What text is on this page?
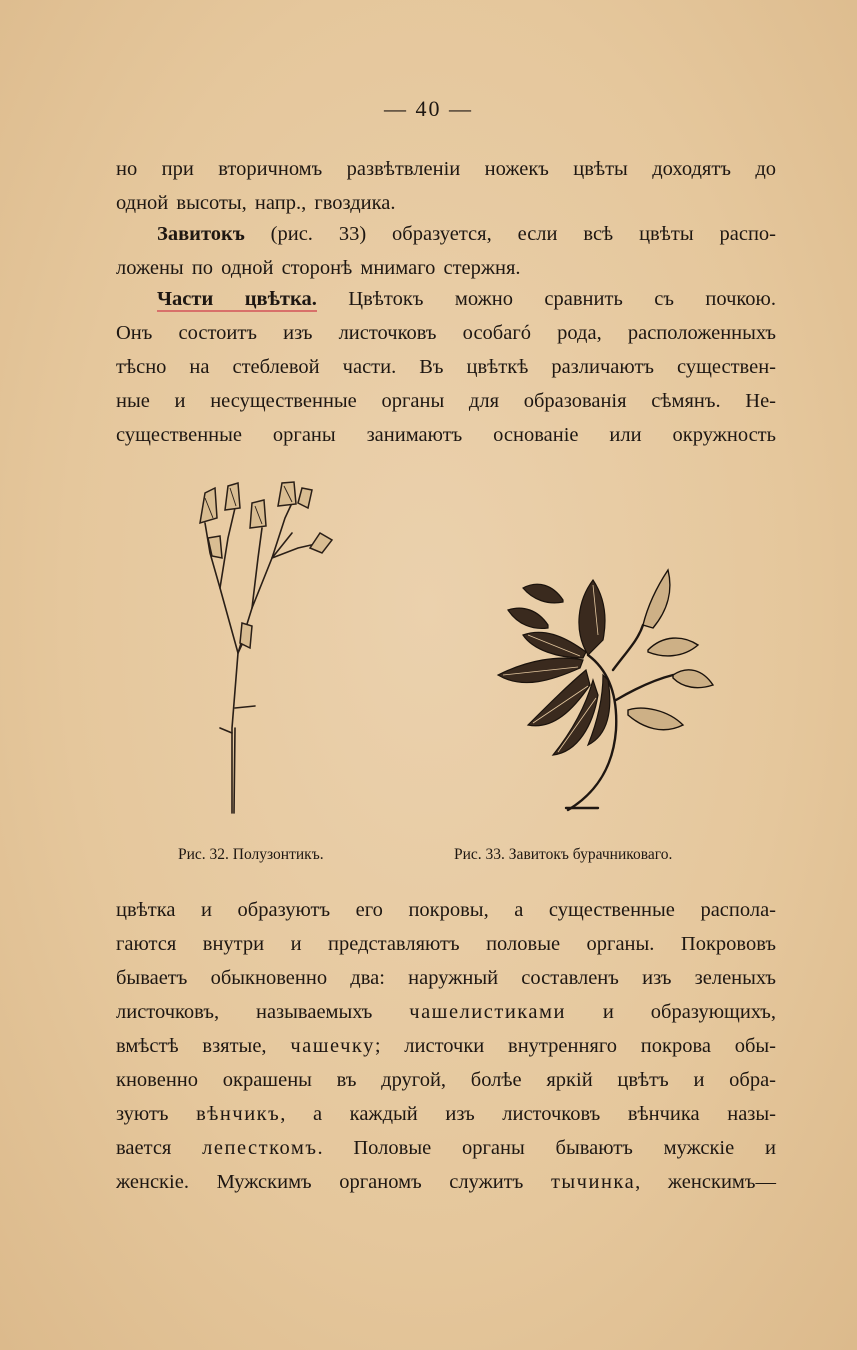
— 40 —
но при вторичномъ развѣтвленіи ножекъ цвѣты доходятъ до
одной высоты, напр., гвоздика.
Завитокъ (рис. 33) образуется, если всѣ цвѣты распо-
ложены по одной сторонѣ мнимаго стержня.
Части цвѣтка. Цвѣтокъ можно сравнить съ почкою.
Онъ состоитъ изъ листочковъ особагó рода, расположенныхъ
тѣсно на стеблевой части. Въ цвѣткѣ различаютъ существен-
ные и несущественные органы для образованія сѣмянъ. Не-
существенные органы занимаютъ основаніе или окружность
Рис. 32. Полузонтикъ.	Рис. 33. Завитокъ бурачниковаго.
цвѣтка и образуютъ его покровы, а существенные распола-
гаются внутри и представляютъ половые органы. Покрововъ
бываетъ обыкновенно два: наружный составленъ изъ зеленыхъ
листочковъ, называемыхъ чашелистиками и образующихъ,
вмѣстѣ взятые, чашечку; листочки внутренняго покрова обы-
кновенно окрашены въ другой, болѣе яркій цвѣтъ и обра-
зуютъ вѣнчикъ, а каждый изъ листочковъ вѣнчика назы-
вается лепесткомъ. Половые органы бываютъ мужскіе и
женскіе. Мужскимъ органомъ служитъ тычинка, женскимъ—
